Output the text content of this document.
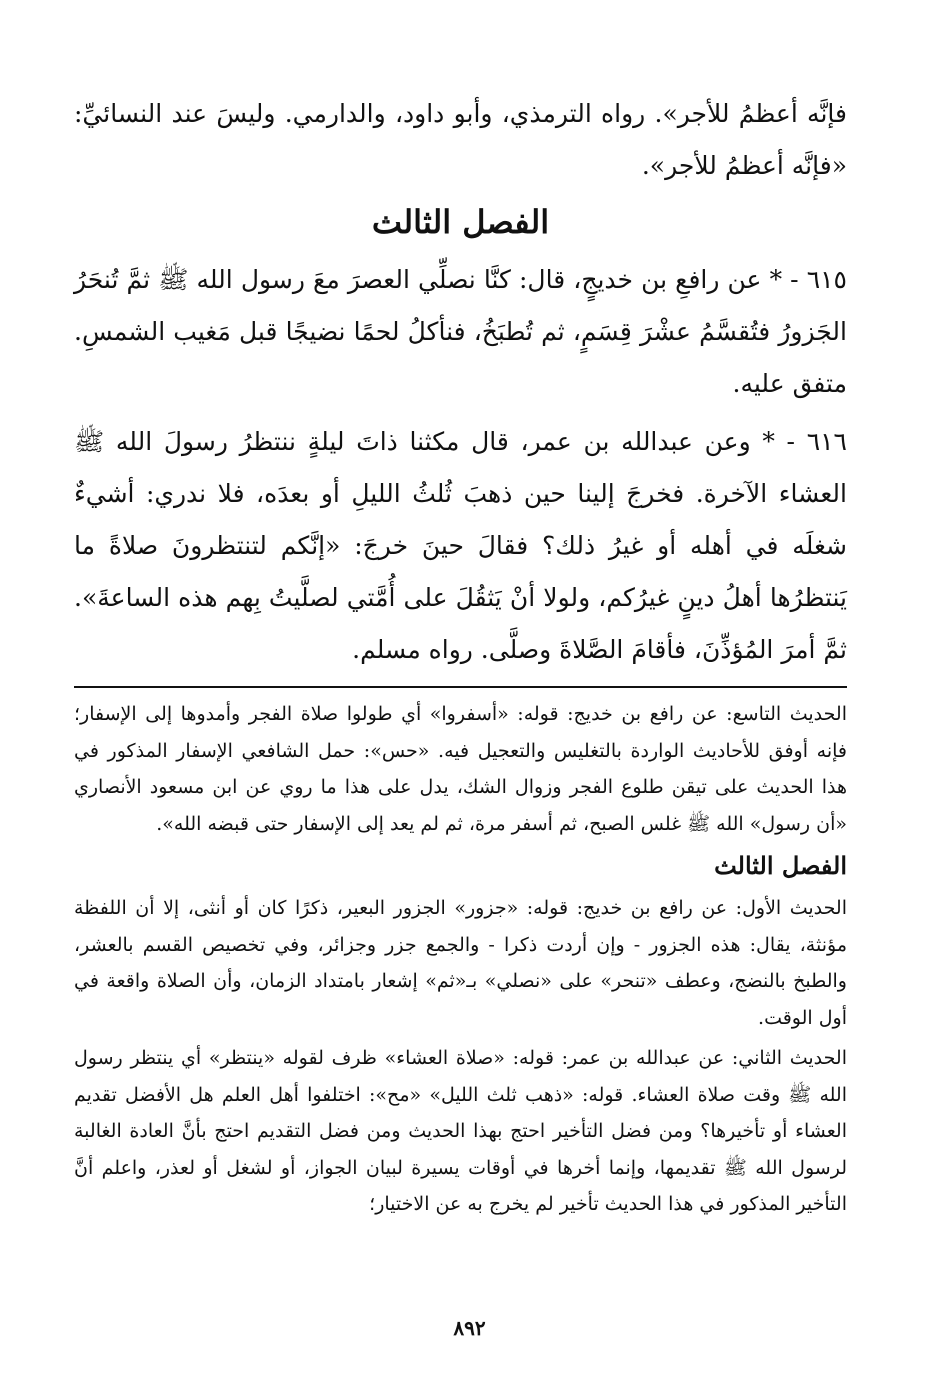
فإنَّه أعظمُ للأجر». رواه الترمذي، وأبو داود، والدارمي. وليسَ عند النسائيِّ: «فإنَّه أعظمُ للأجر».

الفصل الثالث

٦١٥ - * عن رافعِ بن خديجٍ، قال: كنَّا نصلِّي العصرَ معَ رسول الله ﷺ ثمَّ تُنحَرُ الجَزورُ فتُقسَّمُ عشْرَ قِسَمٍ، ثم تُطبَخُ، فنأكلُ لحمًا نضيجًا قبل مَغيب الشمسِ. متفق عليه.

٦١٦ - * وعن عبدالله بن عمر، قال مكثنا ذاتَ ليلةٍ ننتظرُ رسولَ الله ﷺ العشاء الآخرة. فخرجَ إلينا حين ذهبَ ثُلثُ الليلِ أو بعدَه، فلا ندري: أشيءٌ شغلَه في أهله أو غيرُ ذلك؟ فقالَ حينَ خرجَ: «إنَّكم لتنتظرونَ صلاةً ما يَنتظرُها أهلُ دينٍ غيرُكم، ولولا أنْ يَثقُلَ على أُمَّتي لصلَّيتُ بِهم هذه الساعةَ». ثمَّ أمرَ المُؤذِّنَ، فأقامَ الصَّلاةَ وصلَّى. رواه مسلم.

الحديث التاسع: عن رافع بن خديج: قوله: «أسفروا» أي طولوا صلاة الفجر وأمدوها إلى الإسفار؛ فإنه أوفق للأحاديث الواردة بالتغليس والتعجيل فيه. «حس»: حمل الشافعي الإسفار المذكور في هذا الحديث على تيقن طلوع الفجر وزوال الشك، يدل على هذا ما روي عن ابن مسعود الأنصاري «أن رسول» الله ﷺ غلس الصبح، ثم أسفر مرة، ثم لم يعد إلى الإسفار حتى قبضه الله».

الفصل الثالث

الحديث الأول: عن رافع بن خديج: قوله: «جزور» الجزور البعير، ذكرًا كان أو أنثى، إلا أن اللفظة مؤنثة، يقال: هذه الجزور - وإن أردت ذكرا - والجمع جزر وجزائر، وفي تخصيص القسم بالعشر، والطبخ بالنضج، وعطف «تنحر» على «نصلي» بـ«ثم» إشعار بامتداد الزمان، وأن الصلاة واقعة في أول الوقت.

الحديث الثاني: عن عبدالله بن عمر: قوله: «صلاة العشاء» ظرف لقوله «ينتظر» أي ينتظر رسول الله ﷺ وقت صلاة العشاء. قوله: «ذهب ثلث الليل» «مح»: اختلفوا أهل العلم هل الأفضل تقديم العشاء أو تأخيرها؟ ومن فضل التأخير احتج بهذا الحديث ومن فضل التقديم احتج بأنَّ العادة الغالبة لرسول الله ﷺ تقديمها، وإنما أخرها في أوقات يسيرة لبيان الجواز، أو لشغل أو لعذر، واعلم أنَّ التأخير المذكور في هذا الحديث تأخير لم يخرج به عن الاختيار؛

٨٩٢
